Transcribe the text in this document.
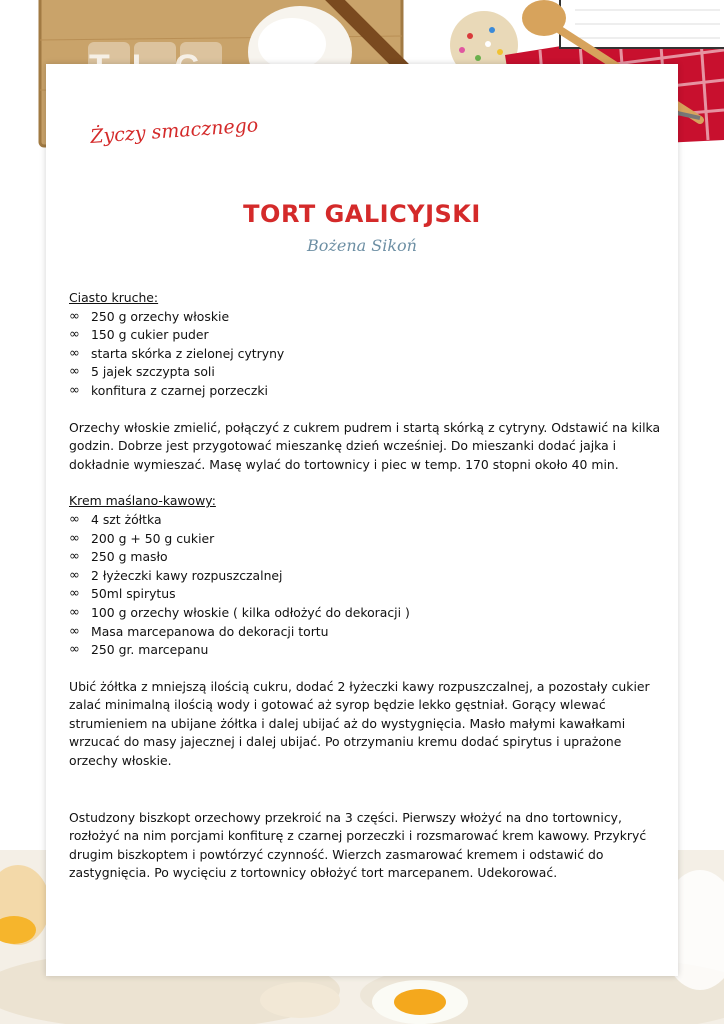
TLC
Życzy smacznego
TORT GALICYJSKI
Bożena Sikoń

Ciasto kruche:

∞ 250 g orzechy włoskie
∞ 150 g cukier puder
∞ starta skórka z zielonej cytryny
∞ 5 jajek szczypta soli
∞ konfitura z czarnej porzeczki

Orzechy włoskie zmielić, połączyć z cukrem pudrem i startą skórką z cytryny. Odstawić na kilka godzin. Dobrze jest przygotować mieszankę dzień wcześniej. Do mieszanki dodać jajka i dokładnie wymieszać. Masę wylać do tortownicy i piec w temp. 170 stopni około 40 min.

Krem maślano-kawowy:

∞ 4 szt żółtka
∞ 200 g + 50 g cukier
∞ 250 g masło
∞ 2 łyżeczki kawy rozpuszczalnej
∞ 50ml spirytus
∞ 100 g orzechy włoskie ( kilka odłożyć do dekoracji )
∞ Masa marcepanowa do dekoracji tortu
∞ 250 gr. marcepanu

Ubić żółtka z mniejszą ilością cukru, dodać 2 łyżeczki kawy rozpuszczalnej, a pozostały cukier zalać minimalną ilością wody i gotować aż syrop będzie lekko gęstniał. Gorący wlewać strumieniem na ubijane żółtka i dalej ubijać aż do wystygnięcia. Masło małymi kawałkami wrzucać do masy jajecznej i dalej ubijać. Po otrzymaniu kremu dodać spirytus i uprażone orzechy włoskie.

Ostudzony biszkopt orzechowy przekroić na 3 części. Pierwszy włożyć na dno tortownicy, rozłożyć na nim porcjami konfiturę z czarnej porzeczki i rozsmarować krem kawowy. Przykryć drugim biszkoptem i powtórzyć czynność. Wierzch zasmarować kremem i odstawić do zastygnięcia. Po wycięciu z tortownicy obłożyć tort marcepanem. Udekorować.
